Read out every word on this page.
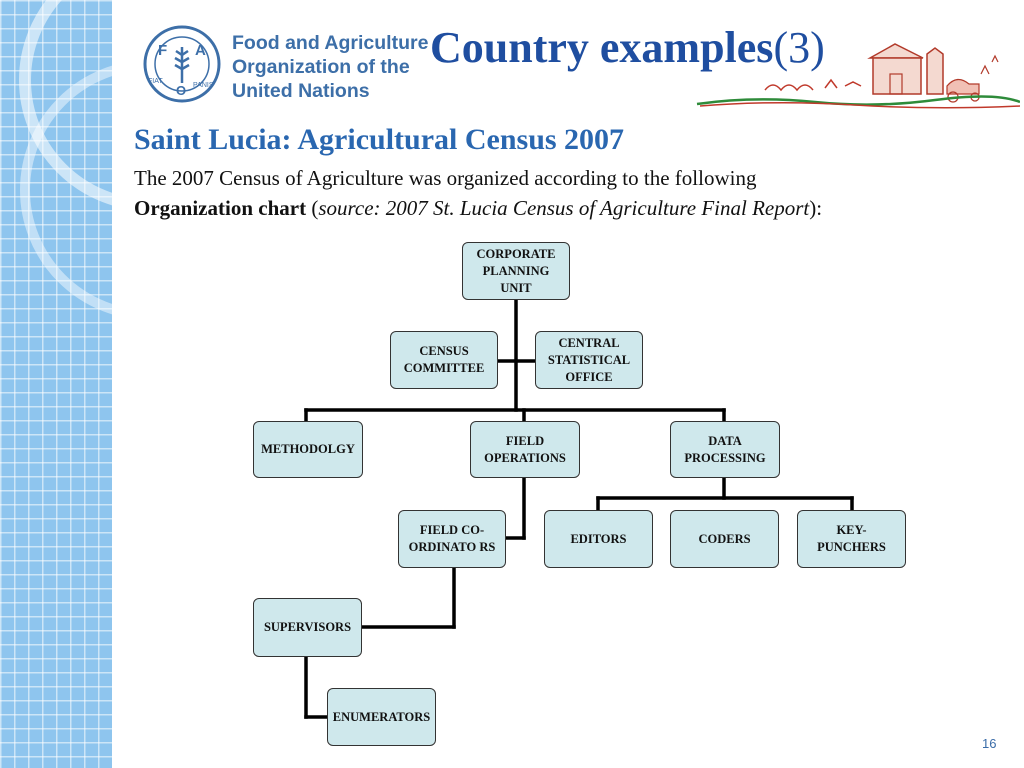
F A
O
FIAT
PANIS
Food and Agriculture
Organization of the
United Nations
Country examples(3)
Saint Lucia: Agricultural Census 2007
The 2007 Census of Agriculture was organized according to the following
Organization chart (source: 2007 St. Lucia Census of Agriculture Final Report):
CORPORATE
PLANNING
UNIT
CENSUS
COMMITTEE
CENTRAL
STATISTICAL
OFFICE
METHODOLGY
FIELD
OPERATIONS
DATA
PROCESSING
FIELD CO-
ORDINATO RS
EDITORS	CODERS
KEY-
PUNCHERS
SUPERVISORS
ENUMERATORS
16
